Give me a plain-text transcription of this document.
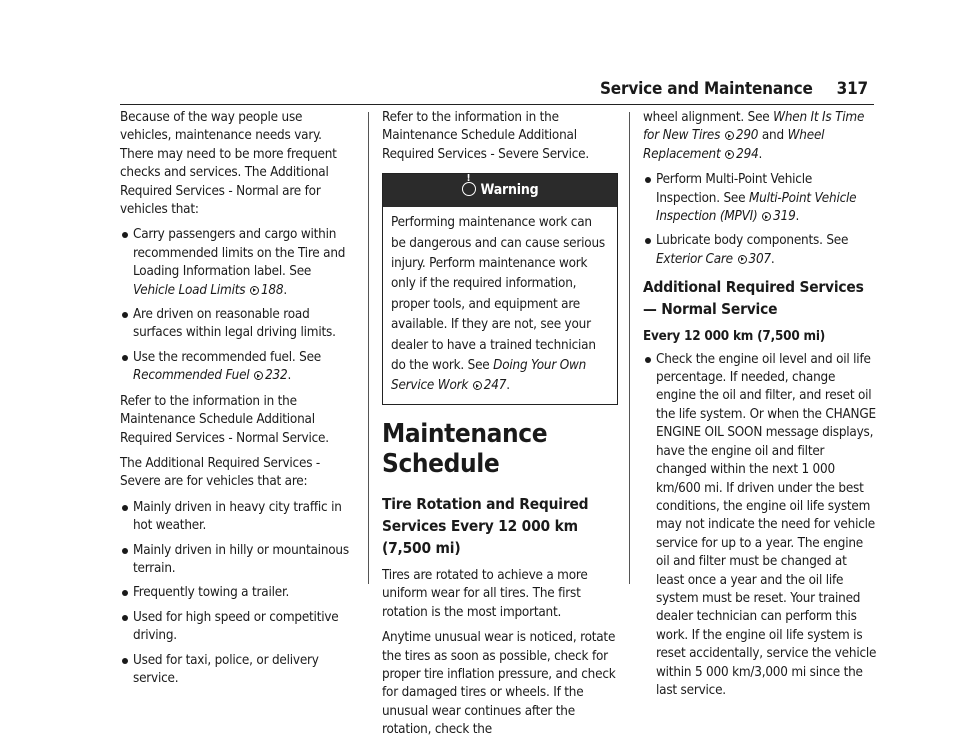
Service and Maintenance 317

Because of the way people use vehicles, maintenance needs vary. There may need to be more frequent checks and services. The Additional Required Services - Normal are for vehicles that:

Carry passengers and cargo within recommended limits on the Tire and Loading Information label. See Vehicle Load Limits 188.
Are driven on reasonable road surfaces within legal driving limits.
Use the recommended fuel. See Recommended Fuel 232.

Refer to the information in the Maintenance Schedule Additional Required Services - Normal Service.

The Additional Required Services - Severe are for vehicles that are:

Mainly driven in heavy city traffic in hot weather.
Mainly driven in hilly or mountainous terrain.
Frequently towing a trailer.
Used for high speed or competitive driving.
Used for taxi, police, or delivery service.

Refer to the information in the Maintenance Schedule Additional Required Services - Severe Service.

!Warning
Performing maintenance work can be dangerous and can cause serious injury. Perform maintenance work only if the required information, proper tools, and equipment are available. If they are not, see your dealer to have a trained technician do the work. See Doing Your Own Service Work 247.
Maintenance Schedule
Tire Rotation and Required Services Every 12 000 km (7,500 mi)

Tires are rotated to achieve a more uniform wear for all tires. The first rotation is the most important.

Anytime unusual wear is noticed, rotate the tires as soon as possible, check for proper tire inflation pressure, and check for damaged tires or wheels. If the unusual wear continues after the rotation, check the

wheel alignment. See When It Is Time for New Tires 290 and Wheel Replacement 294.

Perform Multi-Point Vehicle Inspection. See Multi-Point Vehicle Inspection (MPVI) 319.
Lubricate body components. See Exterior Care 307.
Additional Required Services — Normal Service
Every 12 000 km (7,500 mi)
Check the engine oil level and oil life percentage. If needed, change engine the oil and filter, and reset oil the life system. Or when the CHANGE ENGINE OIL SOON message displays, have the engine oil and filter changed within the next 1 000 km/600 mi. If driven under the best conditions, the engine oil life system may not indicate the need for vehicle service for up to a year. The engine oil and filter must be changed at least once a year and the oil life system must be reset. Your trained dealer technician can perform this work. If the engine oil life system is reset accidentally, service the vehicle within 5 000 km/3,000 mi since the last service.
